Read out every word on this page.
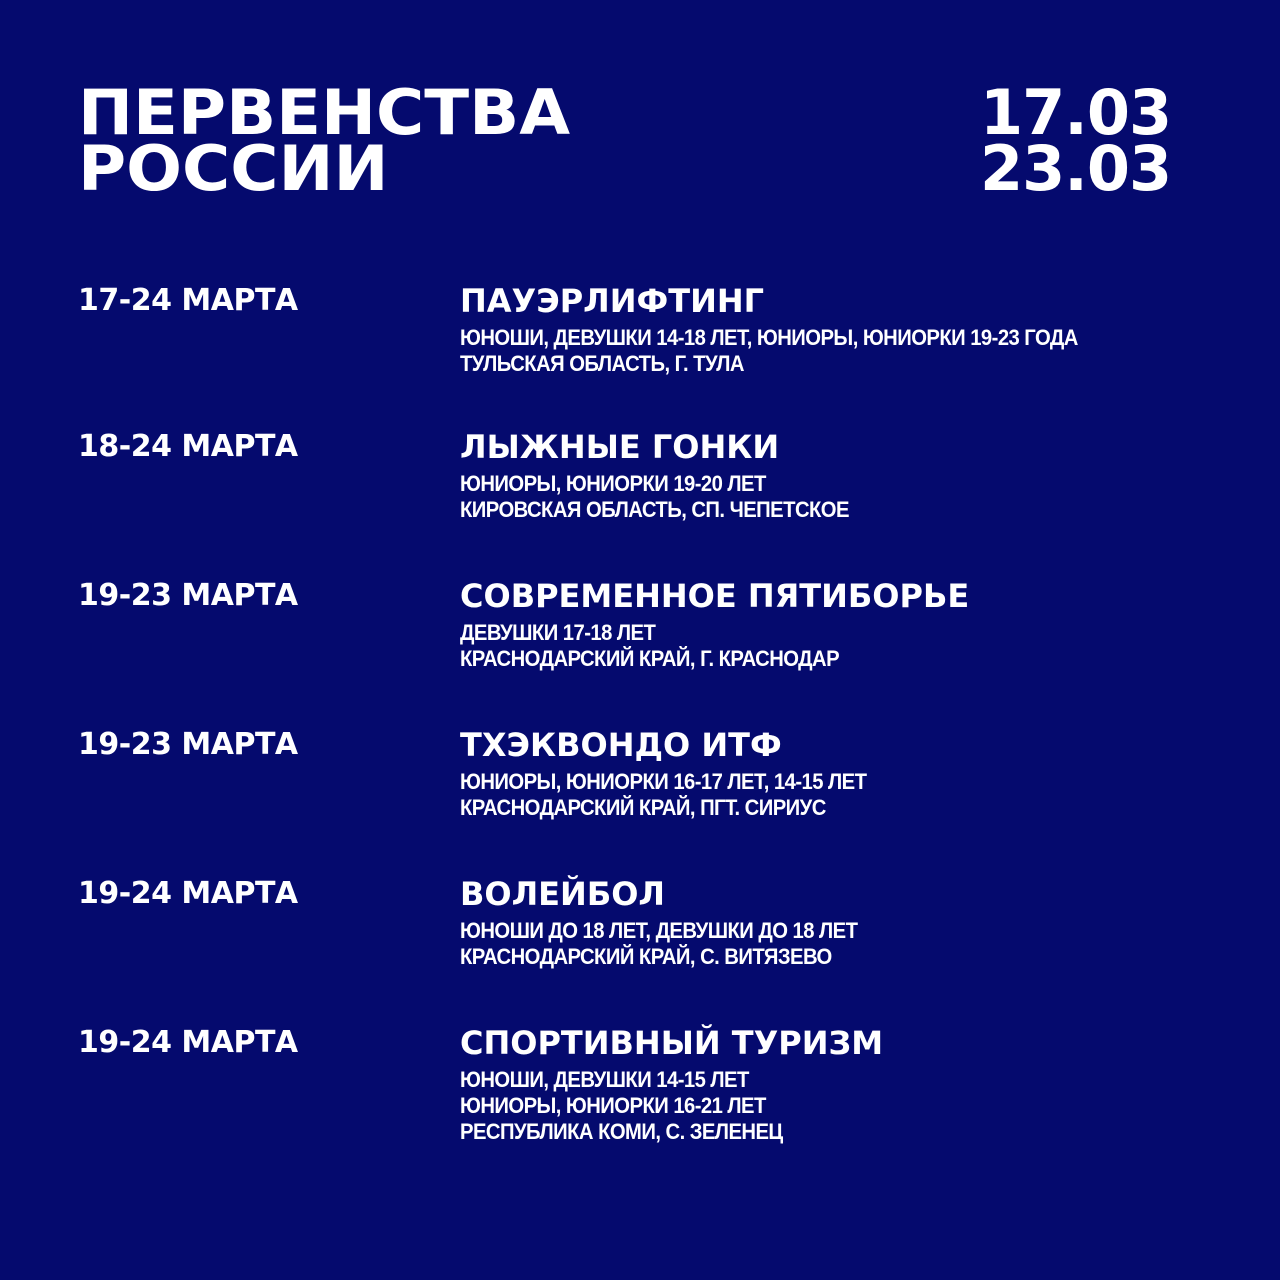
ПЕРВЕНСТВА
РОССИИ
17.03
23.03
17-24 МАРТА	ПАУЭРЛИФТИНГ
ЮНОШИ, ДЕВУШКИ 14-18 ЛЕТ, ЮНИОРЫ, ЮНИОРКИ 19-23 ГОДА
ТУЛЬСКАЯ ОБЛАСТЬ, Г. ТУЛА
18-24 МАРТА	ЛЫЖНЫЕ ГОНКИ
ЮНИОРЫ, ЮНИОРКИ 19-20 ЛЕТ
КИРОВСКАЯ ОБЛАСТЬ, СП. ЧЕПЕТСКОЕ
19-23 МАРТА	СОВРЕМЕННОЕ ПЯТИБОРЬЕ
ДЕВУШКИ 17-18 ЛЕТ
КРАСНОДАРСКИЙ КРАЙ, Г. КРАСНОДАР
19-23 МАРТА	ТХЭКВОНДО ИТФ
ЮНИОРЫ, ЮНИОРКИ 16-17 ЛЕТ, 14-15 ЛЕТ
КРАСНОДАРСКИЙ КРАЙ, ПГТ. СИРИУС
19-24 МАРТА	ВОЛЕЙБОЛ
ЮНОШИ ДО 18 ЛЕТ, ДЕВУШКИ ДО 18 ЛЕТ
КРАСНОДАРСКИЙ КРАЙ, С. ВИТЯЗЕВО
19-24 МАРТА	СПОРТИВНЫЙ ТУРИЗМ
ЮНОШИ, ДЕВУШКИ 14-15 ЛЕТ
ЮНИОРЫ, ЮНИОРКИ 16-21 ЛЕТ
РЕСПУБЛИКА КОМИ, С. ЗЕЛЕНЕЦ
